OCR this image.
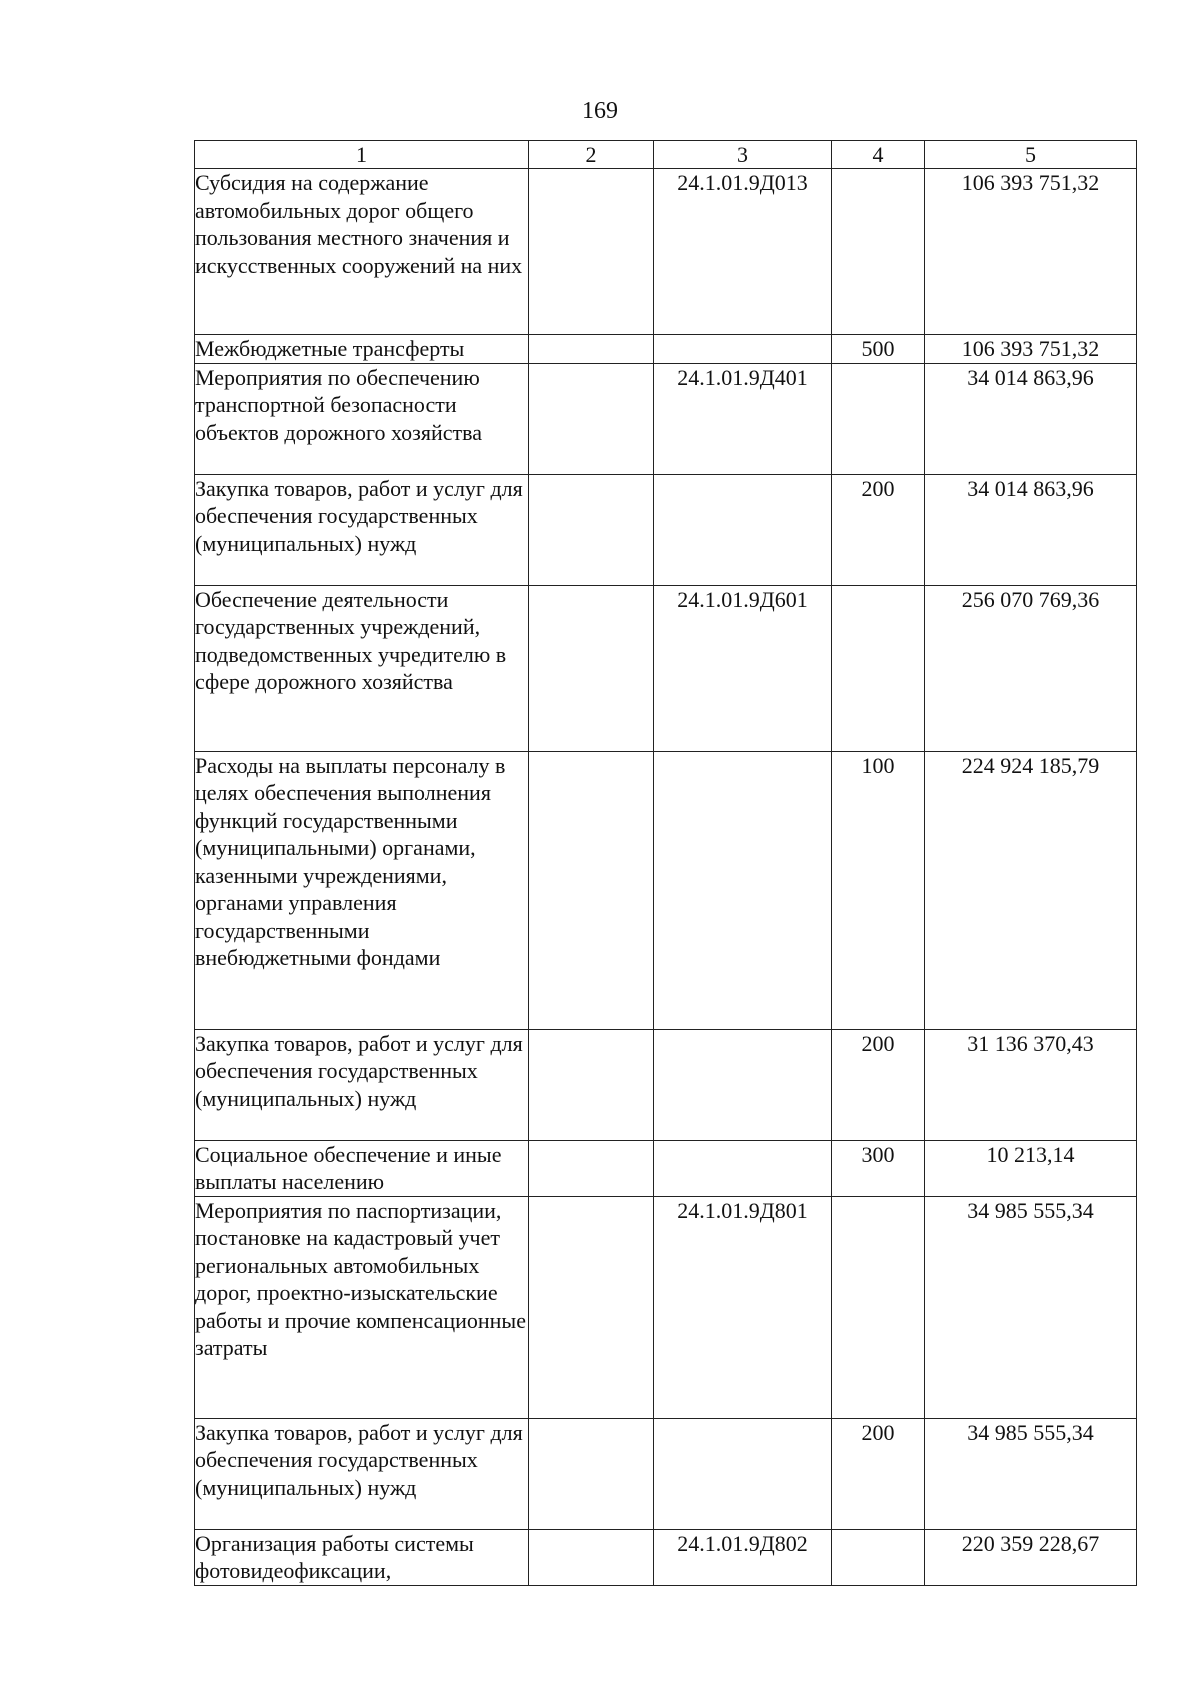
169
1	2	3	4	5
Субсидия на содержание автомобильных дорог общего пользования местного значения и искусственных сооружений на них		24.1.01.9Д013		106 393 751,32
Межбюджетные трансферты			500	106 393 751,32
Мероприятия по обеспечению транспортной безопасности объектов дорожного хозяйства		24.1.01.9Д401		34 014 863,96
Закупка товаров, работ и услуг для обеспечения государственных (муниципальных) нужд			200	34 014 863,96
Обеспечение деятельности государственных учреждений, подведомственных учредителю в сфере дорожного хозяйства		24.1.01.9Д601		256 070 769,36
Расходы на выплаты персоналу в целях обеспечения выполнения функций государственными (муниципальными) органами, казенными учреждениями, органами управления государственными внебюджетными фондами			100	224 924 185,79
Закупка товаров, работ и услуг для обеспечения государственных (муниципальных) нужд			200	31 136 370,43
Социальное обеспечение и иные выплаты населению			300	10 213,14
Мероприятия по паспортизации, постановке на кадастровый учет региональных автомобильных дорог, проектно-изыскательские работы и прочие компенсационные затраты		24.1.01.9Д801		34 985 555,34
Закупка товаров, работ и услуг для обеспечения государственных (муниципальных) нужд			200	34 985 555,34
Организация работы системы фотовидеофиксации,		24.1.01.9Д802		220 359 228,67
